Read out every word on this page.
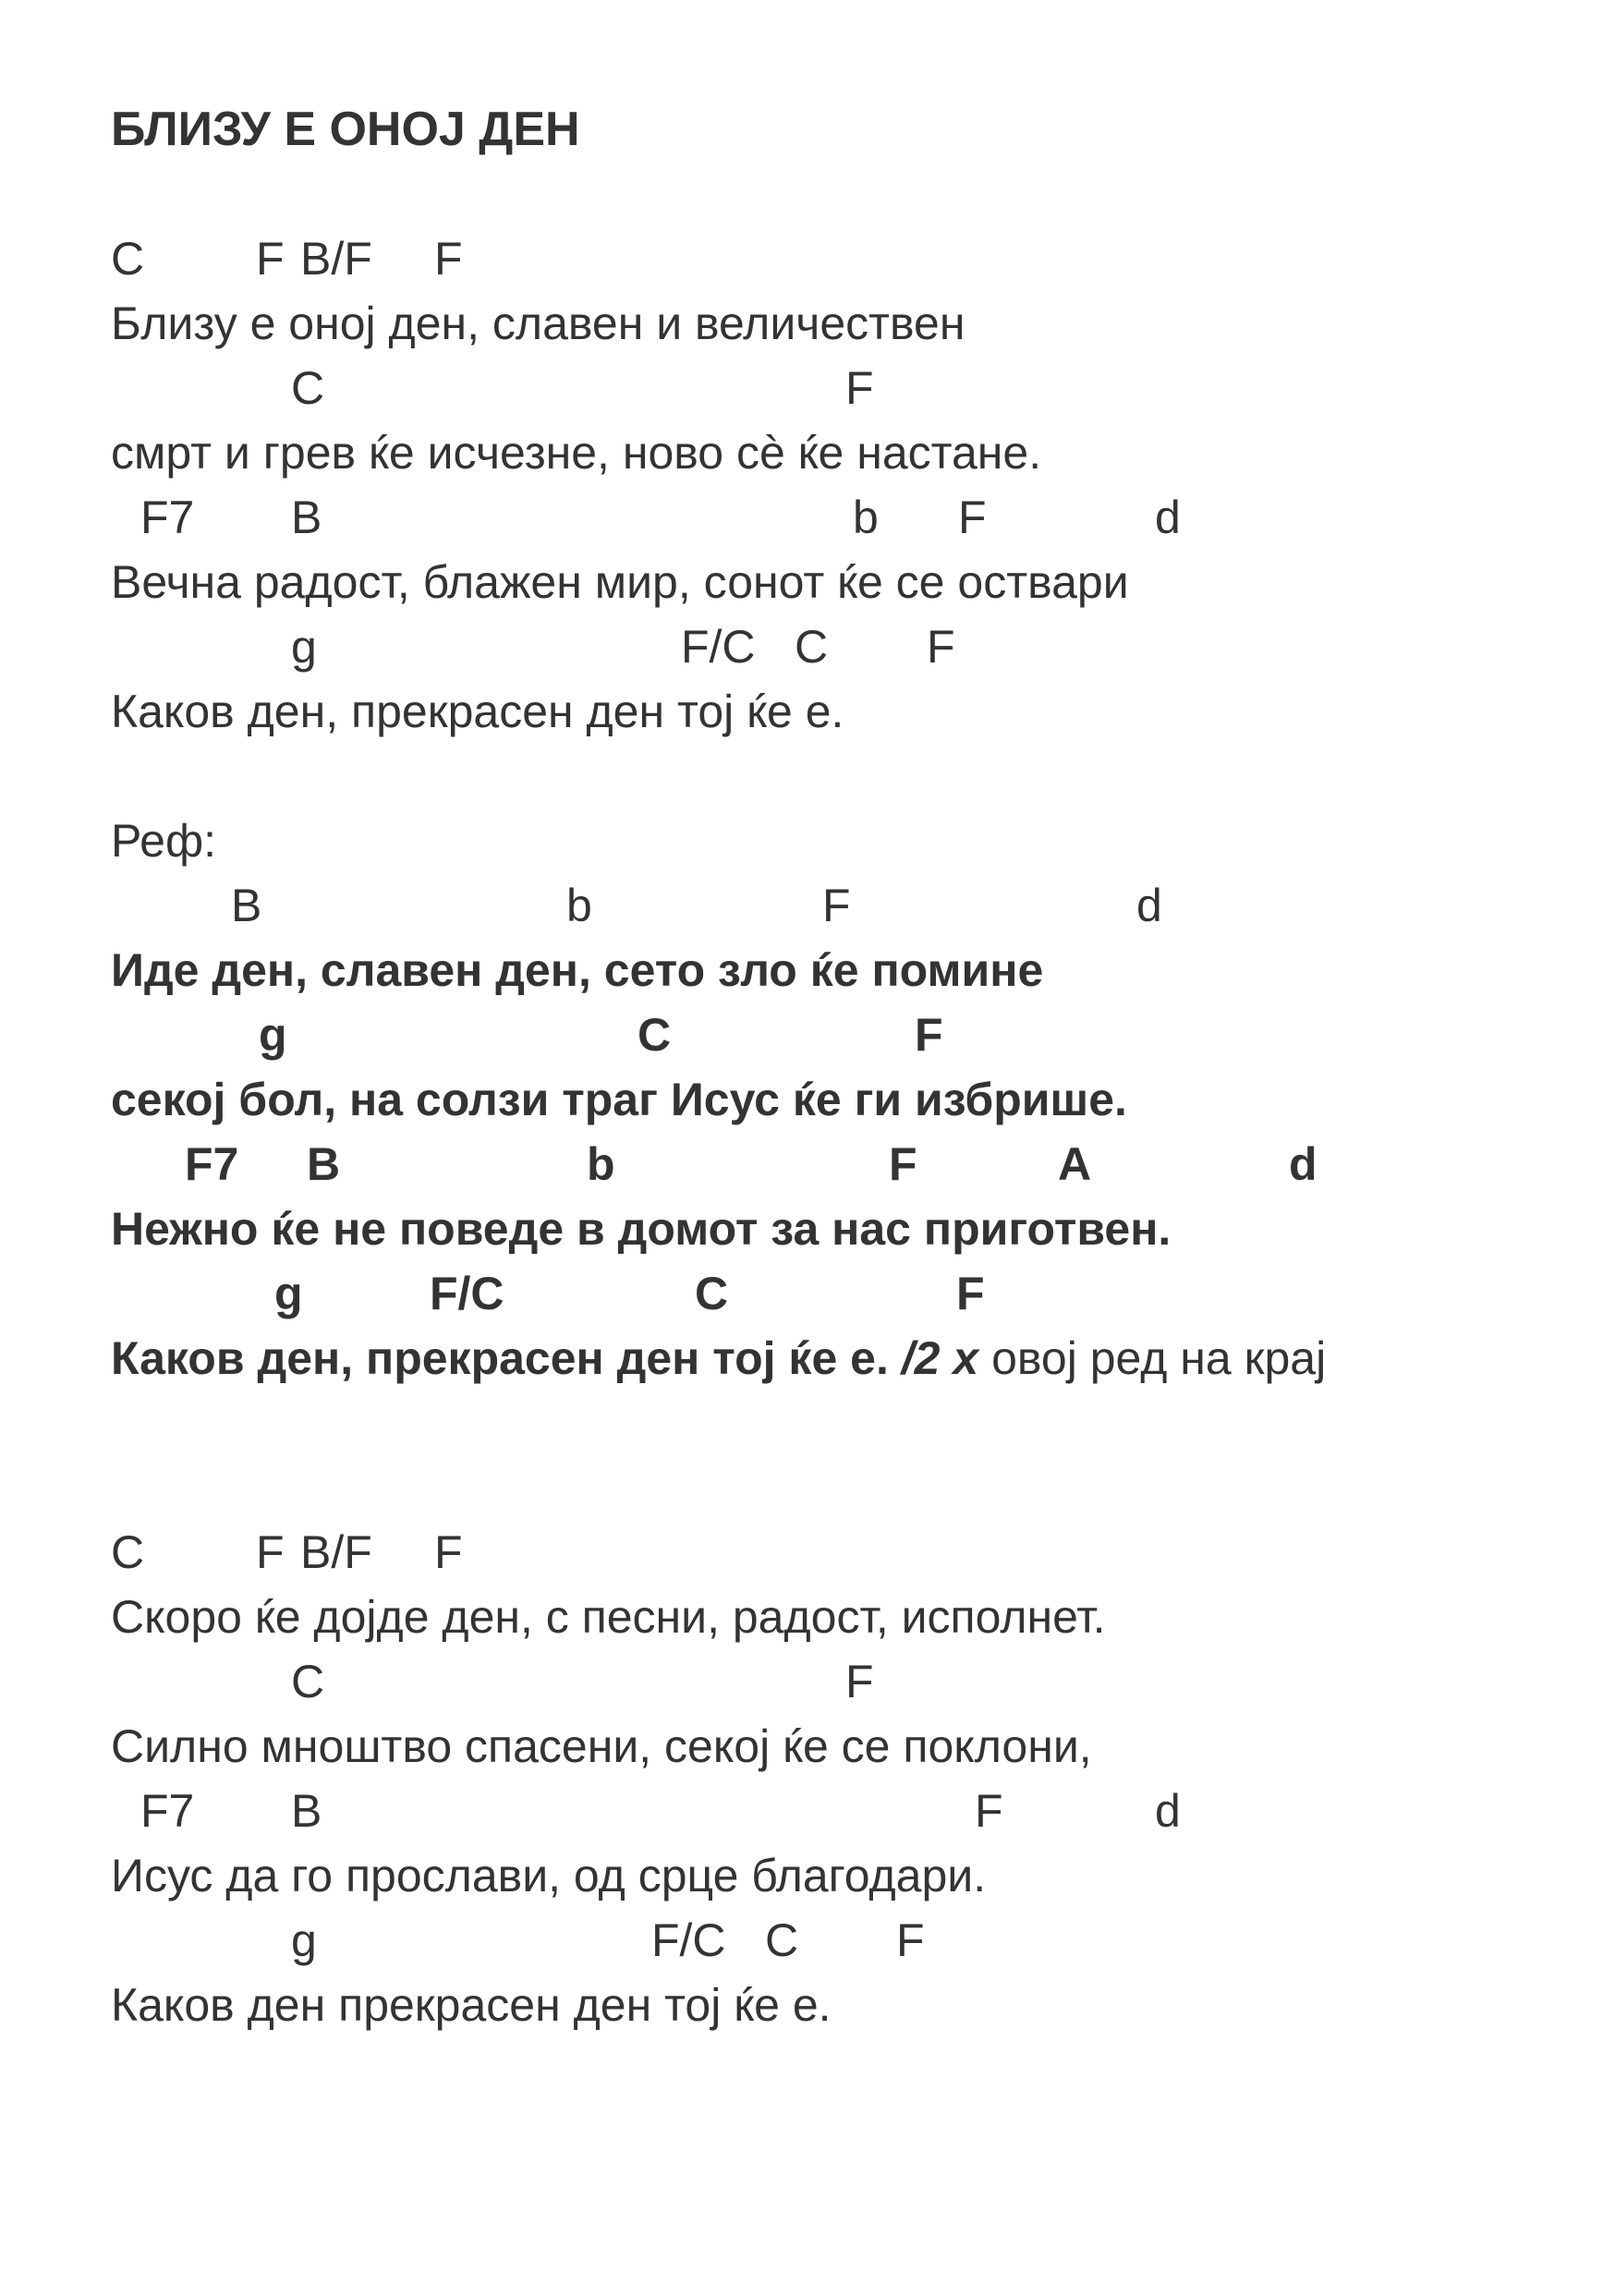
БЛИЗУ Е ОНОЈ ДЕН

C

F

B/F

F

Близу е оној ден, славен и величествен

C

	F

смрт и грев ќе исчезне, ново сѐ ќе настане.

F7

B

	b

F

	d

Вечна радост, блажен мир, сонот ќе се оствари

g

	F/C

C

F

Каков ден, прекрасен ден тој ќе е.
Реф:

B

	b

	F

	d

Иде ден, славен ден, сето зло ќе помине

g

	C

	F

секој бол, на солзи траг Исус ќе ги избрише.

F7

B

	b

	F

	A

	d

Нежно ќе не поведе в домот за нас приготвен.

g

	F/C

	C

	F

Каков ден, прекрасен ден тој ќе е. /2 x овој ред на крај

C

F

B/F

F

Скоро ќе дојде ден, с песни, радост, исполнет.

C

	F

Силно мноштво спасени, секој ќе се поклони,

F7

B

	F

	d

Исус да го прослави, од срце благодари.

g

	F/C

C

F

Каков ден прекрасен ден тој ќе е.
